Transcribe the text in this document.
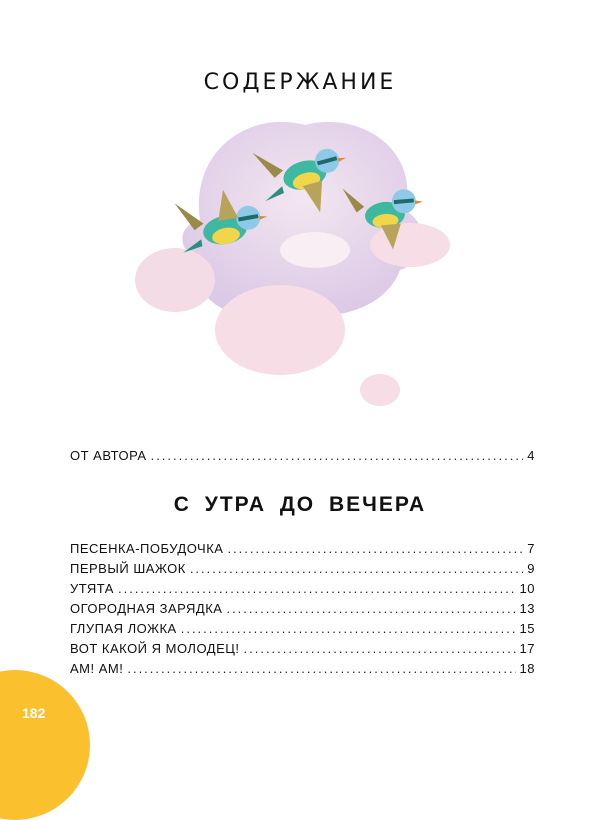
СОДЕРЖАНИЕ
ОТ АВТОРА .....	4
С УТРА ДО ВЕЧЕРА
ПЕСЕНКА-ПОБУДОЧКА .....	7
ПЕРВЫЙ ШАЖОК .....	9
УТЯТА .....	10
ОГОРОДНАЯ ЗАРЯДКА .....	13
ГЛУПАЯ ЛОЖКА .....	15
ВОТ КАКОЙ Я МОЛОДЕЦ! .....	17
АМ! АМ! .....	18
182
